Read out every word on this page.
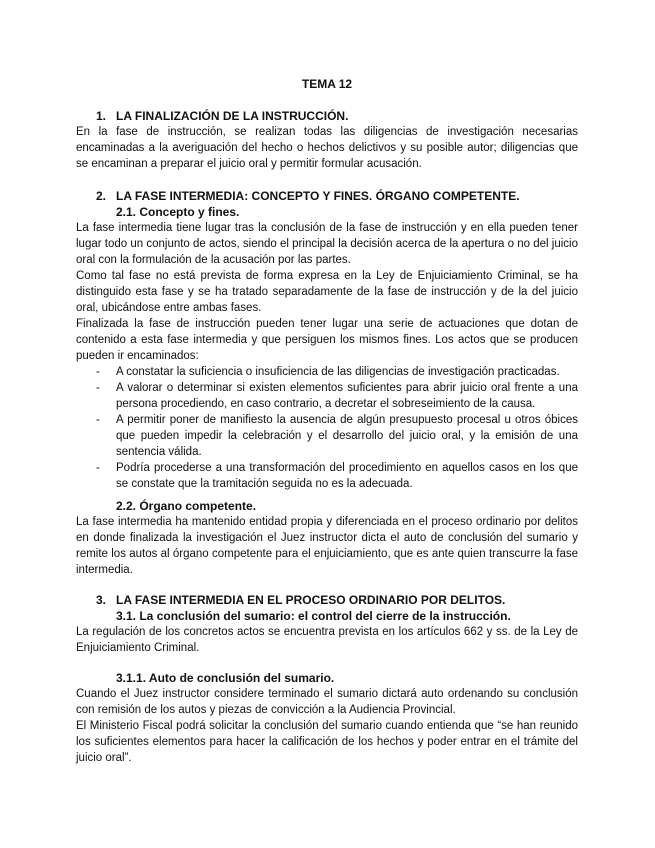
TEMA 12
1. LA FINALIZACIÓN DE LA INSTRUCCIÓN.

En la fase de instrucción, se realizan todas las diligencias de investigación necesarias encaminadas a la averiguación del hecho o hechos delictivos y su posible autor; diligencias que se encaminan a preparar el juicio oral y permitir formular acusación.

2. LA FASE INTERMEDIA: CONCEPTO Y FINES. ÓRGANO COMPETENTE.
2.1. Concepto y fines.

La fase intermedia tiene lugar tras la conclusión de la fase de instrucción y en ella pueden tener lugar todo un conjunto de actos, siendo el principal la decisión acerca de la apertura o no del juicio oral con la formulación de la acusación por las partes.

Como tal fase no está prevista de forma expresa en la Ley de Enjuiciamiento Criminal, se ha distinguido esta fase y se ha tratado separadamente de la fase de instrucción y de la del juicio oral, ubicándose entre ambas fases.

Finalizada la fase de instrucción pueden tener lugar una serie de actuaciones que dotan de contenido a esta fase intermedia y que persiguen los mismos fines. Los actos que se producen pueden ir encaminados:

- A constatar la suficiencia o insuficiencia de las diligencias de investigación practicadas.
- A valorar o determinar si existen elementos suficientes para abrir juicio oral frente a una persona procediendo, en caso contrario, a decretar el sobreseimiento de la causa.
- A permitir poner de manifiesto la ausencia de algún presupuesto procesal u otros óbices que pueden impedir la celebración y el desarrollo del juicio oral, y la emisión de una sentencia válida.
- Podría procederse a una transformación del procedimiento en aquellos casos en los que se constate que la tramitación seguida no es la adecuada.
2.2. Órgano competente.

La fase intermedia ha mantenido entidad propia y diferenciada en el proceso ordinario por delitos en donde finalizada la investigación el Juez instructor dicta el auto de conclusión del sumario y remite los autos al órgano competente para el enjuiciamiento, que es ante quien transcurre la fase intermedia.

3. LA FASE INTERMEDIA EN EL PROCESO ORDINARIO POR DELITOS.
3.1. La conclusión del sumario: el control del cierre de la instrucción.

La regulación de los concretos actos se encuentra prevista en los artículos 662 y ss. de la Ley de Enjuiciamiento Criminal.

3.1.1. Auto de conclusión del sumario.

Cuando el Juez instructor considere terminado el sumario dictará auto ordenando su conclusión con remisión de los autos y piezas de convicción a la Audiencia Provincial.

El Ministerio Fiscal podrá solicitar la conclusión del sumario cuando entienda que “se han reunido los suficientes elementos para hacer la calificación de los hechos y poder entrar en el trámite del juicio oral”.
